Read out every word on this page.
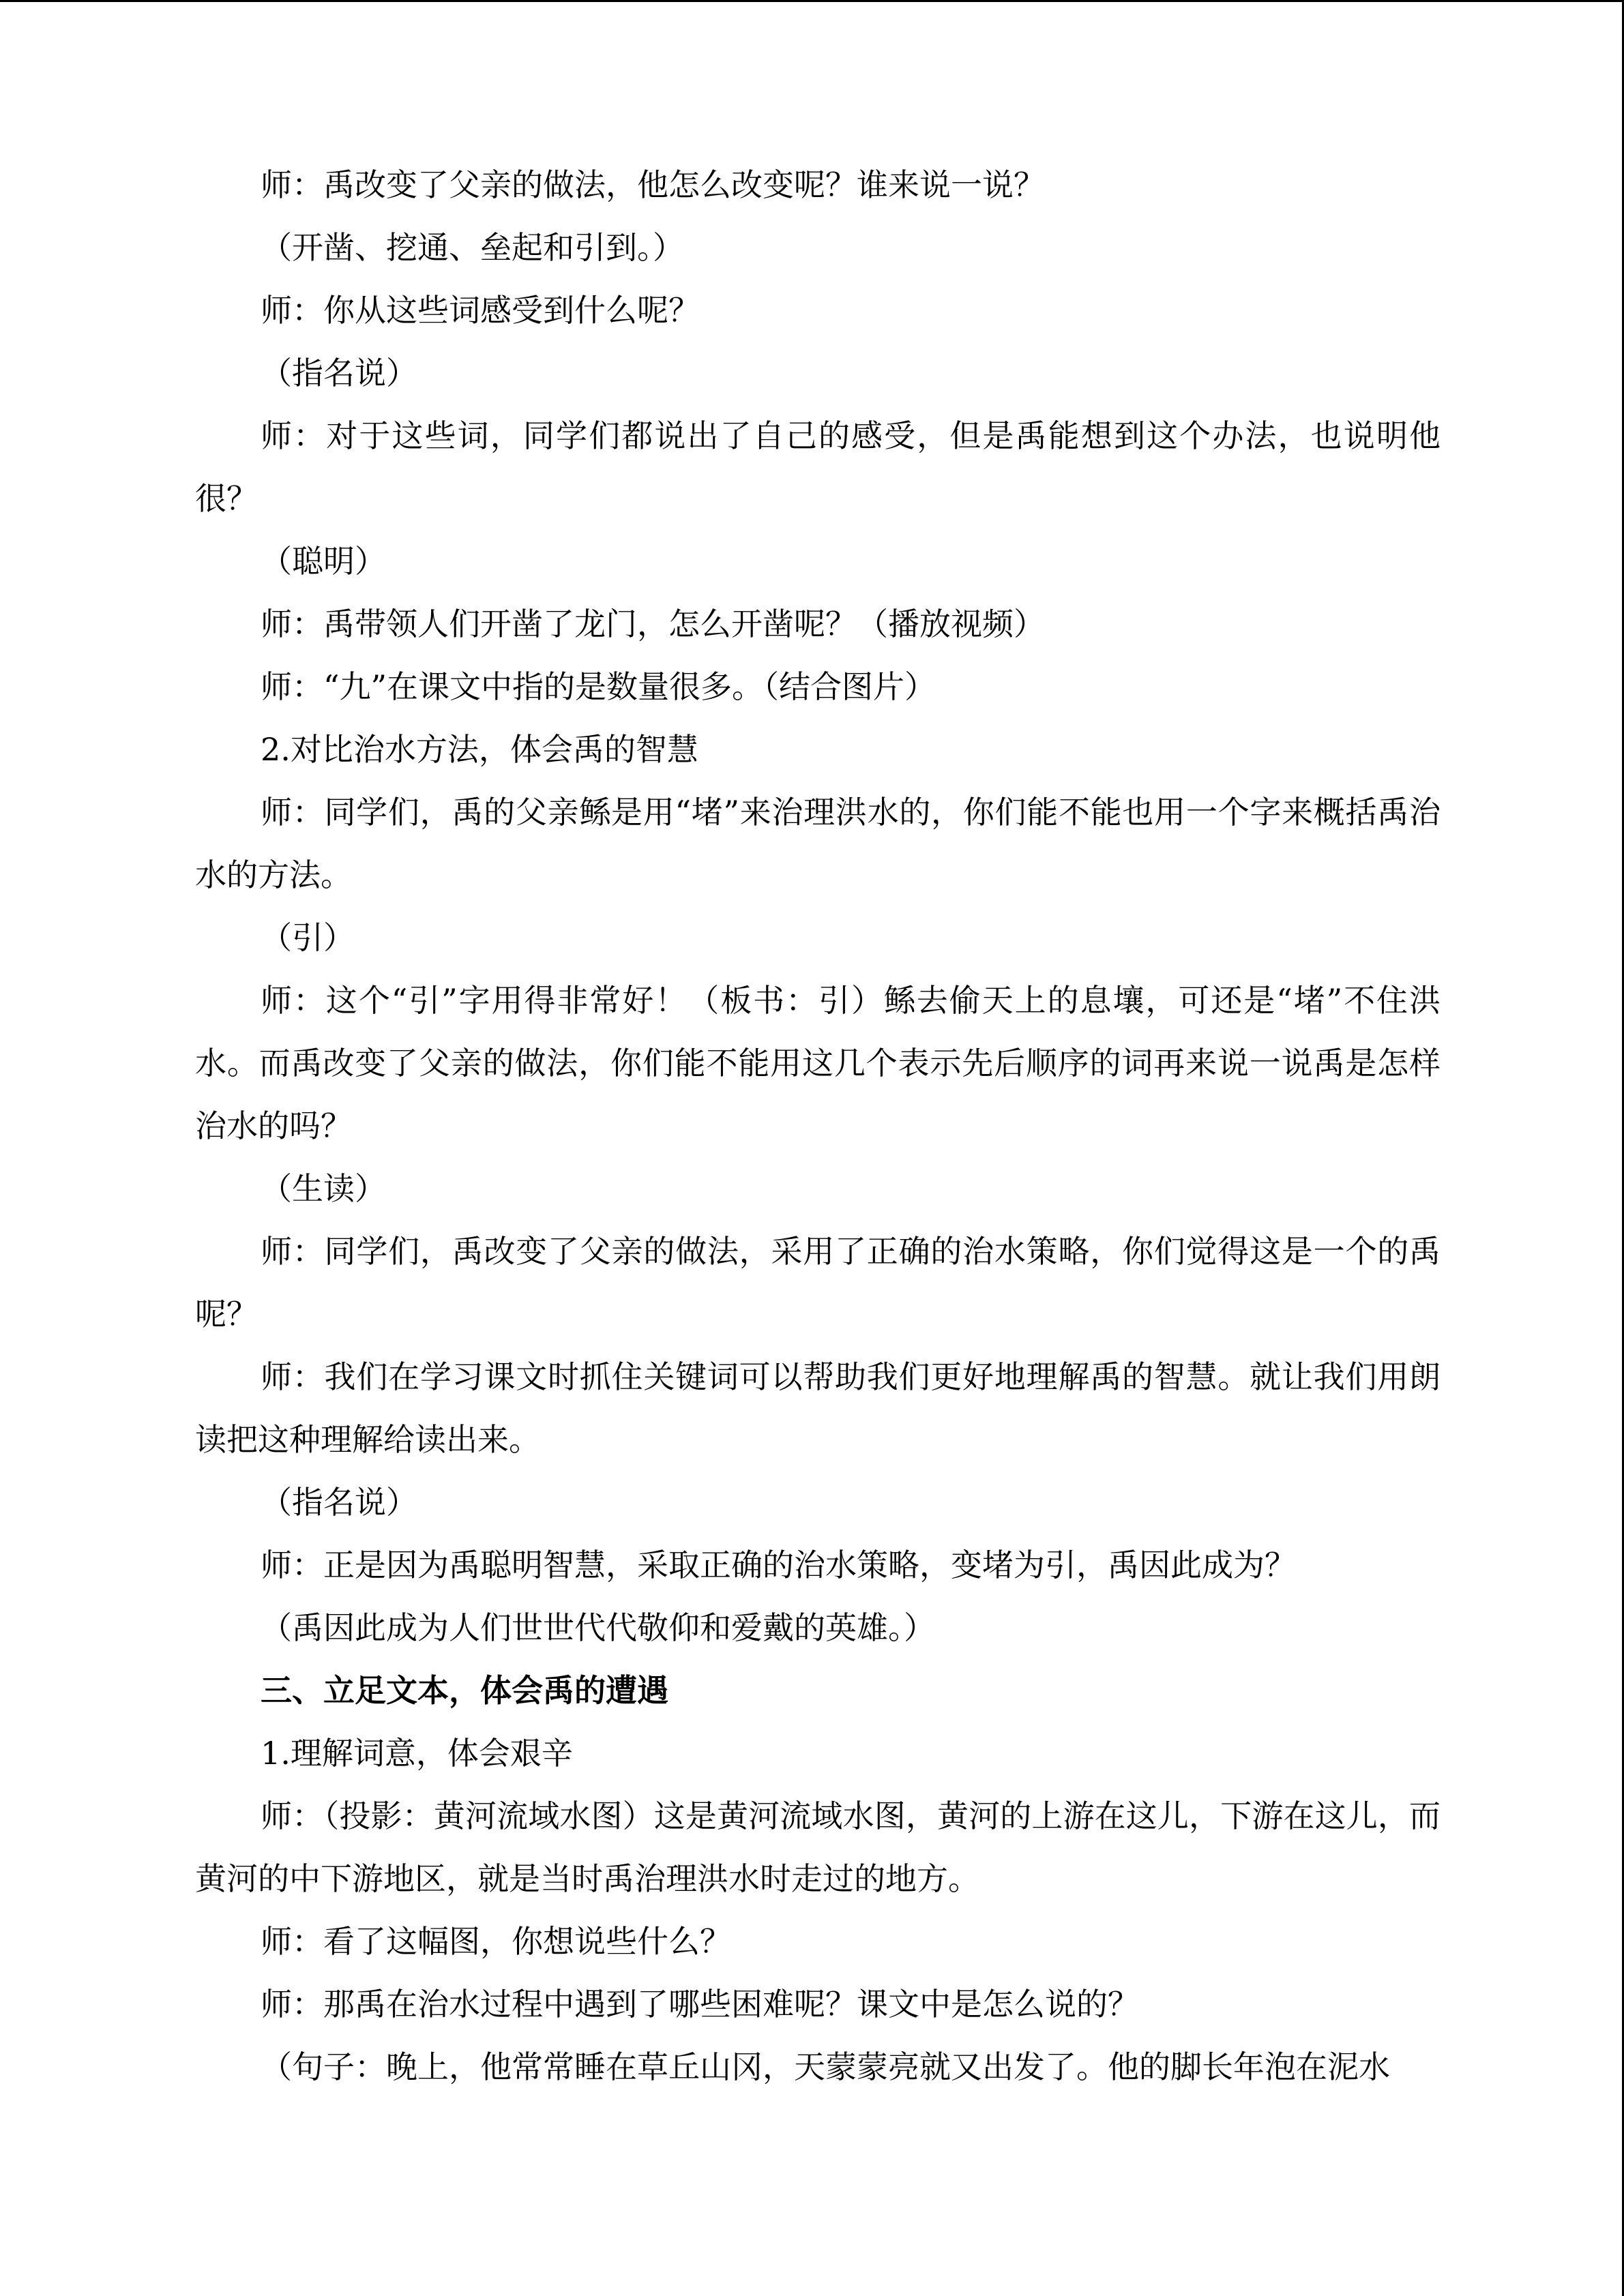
师：禹改变了父亲的做法，他怎么改变呢？谁来说一说？

（开凿、挖通、垒起和引到。）

师：你从这些词感受到什么呢？

（指名说）

师：对于这些词，同学们都说出了自己的感受，但是禹能想到这个办法，也说明他很？

（聪明）

师：禹带领人们开凿了龙门，怎么开凿呢？（播放视频）

师：“九”在课文中指的是数量很多。（结合图片）

2.对比治水方法，体会禹的智慧

师：同学们，禹的父亲鲧是用“堵”来治理洪水的，你们能不能也用一个字来概括禹治水的方法。

（引）

师：这个“引”字用得非常好！（板书：引）鲧去偷天上的息壤，可还是“堵”不住洪水。而禹改变了父亲的做法，你们能不能用这几个表示先后顺序的词再来说一说禹是怎样治水的吗？

（生读）

师：同学们，禹改变了父亲的做法，采用了正确的治水策略，你们觉得这是一个的禹呢？

师：我们在学习课文时抓住关键词可以帮助我们更好地理解禹的智慧。就让我们用朗读把这种理解给读出来。

（指名说）

师：正是因为禹聪明智慧，采取正确的治水策略，变堵为引，禹因此成为？

（禹因此成为人们世世代代敬仰和爱戴的英雄。）

三、立足文本，体会禹的遭遇

1.理解词意，体会艰辛

师：（投影：黄河流域水图）这是黄河流域水图，黄河的上游在这儿，下游在这儿，而黄河的中下游地区，就是当时禹治理洪水时走过的地方。

师：看了这幅图，你想说些什么？

师：那禹在治水过程中遇到了哪些困难呢？课文中是怎么说的？

（句子：晚上，他常常睡在草丘山冈，天蒙蒙亮就又出发了。他的脚长年泡在泥水
